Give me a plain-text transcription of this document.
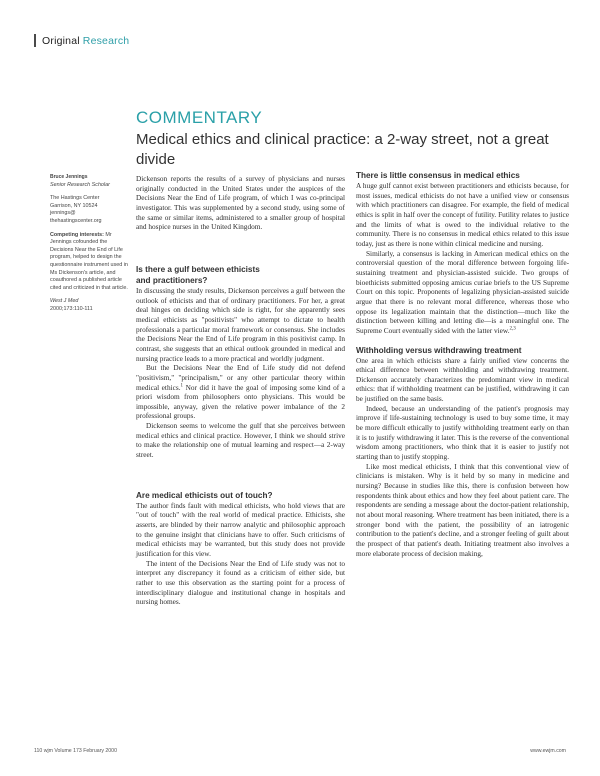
Original Research
COMMENTARY
Medical ethics and clinical practice: a 2-way street, not a great divide
Bruce Jennings
Senior Research Scholar
The Hastings Center
Garrison, NY 10524
jennings@
thehastingscenter.org
Competing interests: Mr Jennings cofounded the Decisions Near the End of Life program, helped to design the questionnaire instrument used in Ms Dickenson's article, and coauthored a published article cited and criticized in that article.
West J Med
2000;173:110-111

Dickenson reports the results of a survey of physicians and nurses originally conducted in the United States under the auspices of the Decisions Near the End of Life program, of which I was co-principal investigator. This was supplemented by a second study, using some of the same or similar items, administered to a smaller group of hospital and hospice nurses in the United Kingdom.

Is there a gulf between ethicists
and practitioners?

In discussing the study results, Dickenson perceives a gulf between the outlook of ethicists and that of ordinary practitioners. For her, a great deal hinges on deciding which side is right, for she apparently sees medical ethicists as "positivists" who attempt to dictate to health professionals a particular moral framework or consensus. She includes the Decisions Near the End of Life program in this positivist camp. In contrast, she suggests that an ethical outlook grounded in medical and nursing practice leads to a more practical and worldly judgment.

But the Decisions Near the End of Life study did not defend "positivism," "principalism," or any other particular theory within medical ethics.$^1$ Nor did it have the goal of imposing some kind of a priori wisdom from philosophers onto physicians. This would be impossible, anyway, given the relative power imbalance of the 2 professional groups.

Dickenson seems to welcome the gulf that she perceives between medical ethics and clinical practice. However, I think we should strive to make the relationship one of mutual learning and respect—a 2-way street.

Are medical ethicists out of touch?

The author finds fault with medical ethicists, who hold views that are "out of touch" with the real world of medical practice. Ethicists, she asserts, are blinded by their narrow analytic and philosophic approach to the genuine insight that clinicians have to offer. Such criticisms of medical ethicists may be warranted, but this study does not provide justification for this view.

The intent of the Decisions Near the End of Life study was not to interpret any discrepancy it found as a criticism of either side, but rather to use this observation as the starting point for a process of interdisciplinary dialogue and institutional change in hospitals and nursing homes.

There is little consensus in medical ethics

A huge gulf cannot exist between practitioners and ethicists because, for most issues, medical ethicists do not have a unified view or consensus with which practitioners can disagree. For example, the field of medical ethics is split in half over the concept of futility. Futility relates to justice and the limits of what is owed to the individual relative to the community. There is no consensus in medical ethics related to this issue today, just as there is none within clinical medicine and nursing.

Similarly, a consensus is lacking in American medical ethics on the controversial question of the moral difference between forgoing life-sustaining treatment and physician-assisted suicide. Two groups of bioethicists submitted opposing amicus curiae briefs to the US Supreme Court on this topic. Proponents of legalizing physician-assisted suicide argue that there is no relevant moral difference, whereas those who oppose its legalization maintain that the distinction—much like the distinction between killing and letting die—is a meaningful one. The Supreme Court eventually sided with the latter view.$^{2,3}$

Withholding versus withdrawing treatment

One area in which ethicists share a fairly unified view concerns the ethical difference between withholding and withdrawing treatment. Dickenson accurately characterizes the predominant view in medical ethics: that if withholding treatment can be justified, withdrawing it can be justified on the same basis.

Indeed, because an understanding of the patient's prognosis may improve if life-sustaining technology is used to buy some time, it may be more difficult ethically to justify withholding treatment early on than it is to justify withdrawing it later. This is the reverse of the conventional wisdom among practitioners, who think that it is easier to justify not starting than to justify stopping.

Like most medical ethicists, I think that this conventional view of clinicians is mistaken. Why is it held by so many in medicine and nursing? Because in studies like this, there is confusion between how respondents think about ethics and how they feel about patient care. The respondents are sending a message about the doctor-patient relationship, not about moral reasoning. Where treatment has been initiated, there is a stronger bond with the patient, the possibility of an iatrogenic contribution to the patient's decline, and a stronger feeling of guilt about the prospect of that patient's death. Initiating treatment also involves a more elaborate process of decision making,

110 wjm Volume 173 February 2000	www.ewjm.com
